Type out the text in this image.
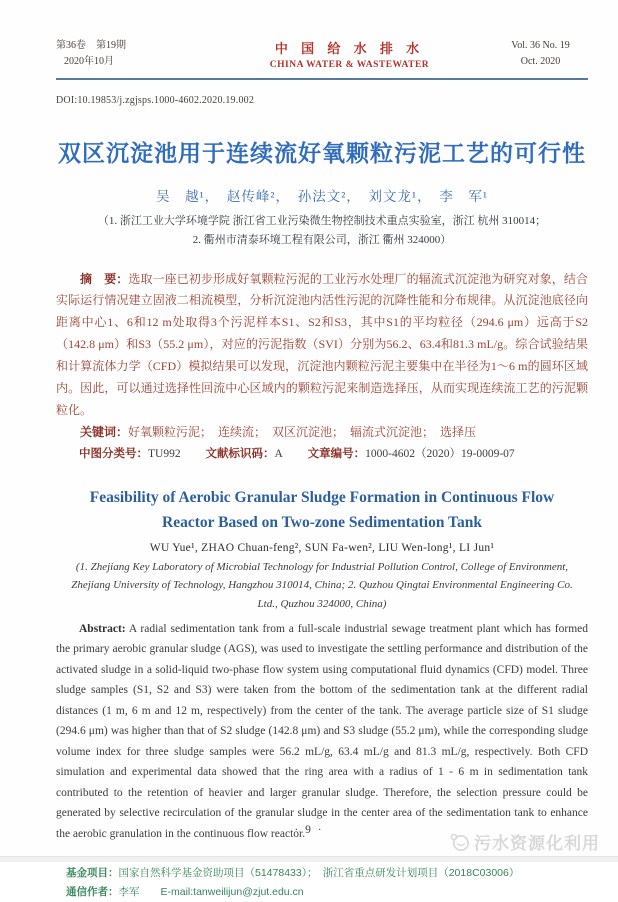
第36卷　第19期
2020年10月
中 国 给 水 排 水
CHINA WATER & WASTEWATER
Vol. 36 No. 19
Oct. 2020
DOI:10.19853/j.zgjsps.1000-4602.2020.19.002
双区沉淀池用于连续流好氧颗粒污泥工艺的可行性
吴　越¹，　赵传峰²，　孙法文²，　刘文龙¹，　李　军¹
（1. 浙江工业大学环境学院 浙江省工业污染微生物控制技术重点实验室，浙江 杭州 310014；
2. 衢州市清泰环境工程有限公司，浙江 衢州 324000）

摘　要：选取一座已初步形成好氧颗粒污泥的工业污水处理厂的辐流式沉淀池为研究对象，结合实际运行情况建立固液二相流模型，分析沉淀池内活性污泥的沉降性能和分布规律。从沉淀池底径向距离中心1、6和12 m处取得3个污泥样本S1、S2和S3，其中S1的平均粒径（294.6 μm）远高于S2（142.8 μm）和S3（55.2 μm），对应的污泥指数（SVI）分别为56.2、63.4和81.3 mL/g。综合试验结果和计算流体力学（CFD）模拟结果可以发现，沉淀池内颗粒污泥主要集中在半径为1～6 m的圆环区域内。因此，可以通过选择性回流中心区域内的颗粒污泥来制造选择压，从而实现连续流工艺的污泥颗粒化。

关键词：好氧颗粒污泥；　连续流；　双区沉淀池；　辐流式沉淀池；　选择压

中图分类号：TU992 文献标识码：A 文章编号：1000-4602（2020）19-0009-07

Feasibility of Aerobic Granular Sludge Formation in Continuous Flow
Reactor Based on Two-zone Sedimentation Tank
WU Yue¹, ZHAO Chuan-feng², SUN Fa-wen², LIU Wen-long¹, LI Jun¹
(1. Zhejiang Key Laboratory of Microbial Technology for Industrial Pollution Control, College of Environment, Zhejiang University of Technology, Hangzhou 310014, China; 2. Quzhou Qingtai Environmental Engineering Co. Ltd., Quzhou 324000, China)

Abstract: A radial sedimentation tank from a full-scale industrial sewage treatment plant which has formed the primary aerobic granular sludge (AGS), was used to investigate the settling performance and distribution of the activated sludge in a solid-liquid two-phase flow system using computational fluid dynamics (CFD) model. Three sludge samples (S1, S2 and S3) were taken from the bottom of the sedimentation tank at the different radial distances (1 m, 6 m and 12 m, respectively) from the center of the tank. The average particle size of S1 sludge (294.6 μm) was higher than that of S2 sludge (142.8 μm) and S3 sludge (55.2 μm), while the corresponding sludge volume index for three sludge samples were 56.2 mL/g, 63.4 mL/g and 81.3 mL/g, respectively. Both CFD simulation and experimental data showed that the ring area with a radius of 1 - 6 m in sedimentation tank contributed to the retention of heavier and larger granular sludge. Therefore, the selection pressure could be generated by selective recirculation of the granular sludge in the center area of the sedimentation tank to enhance the aerobic granulation in the continuous flow reactor.

基金项目：国家自然科学基金资助项目（51478433）；　浙江省重点研发计划项目（2018C03006）
通信作者：李军　　E-mail:tanweilijun@zjut.edu.cn
· 9 ·
污水资源化利用
